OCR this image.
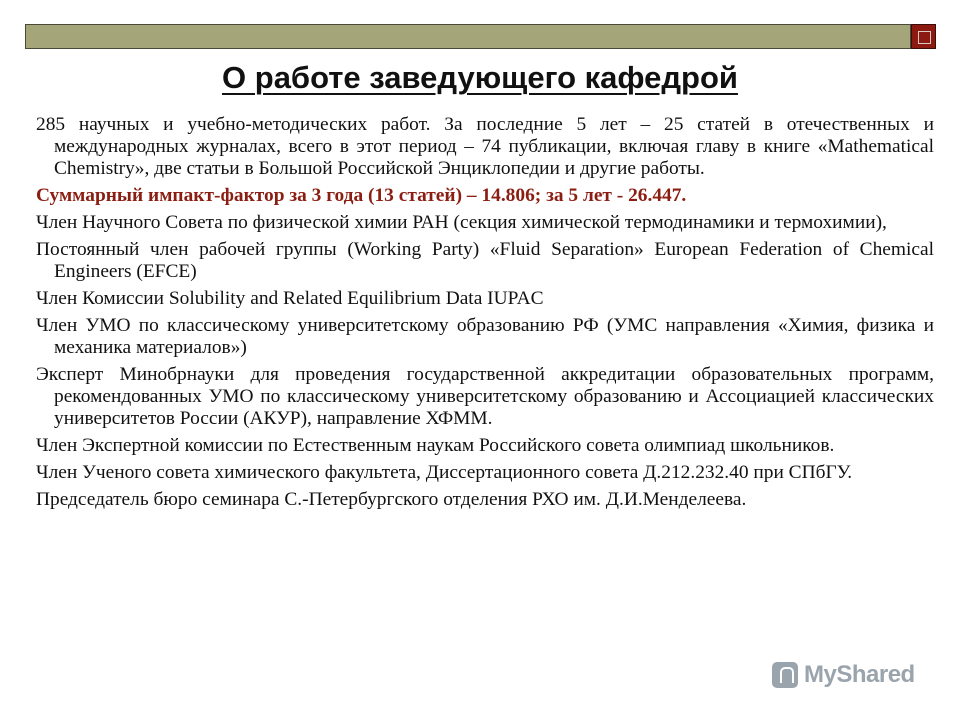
О работе заведующего кафедрой

285 научных и учебно-методических работ. За последние 5 лет – 25 статей в отечественных и международных журналах, всего в этот период – 74 публикации, включая главу в книге «Mathematical Chemistry», две статьи в Большой Российской Энциклопедии и другие работы.

Суммарный импакт-фактор за 3 года (13 статей) – 14.806; за 5 лет - 26.447.

Член Научного Совета по физической химии РАН (секция химической термодинамики и термохимии),

Постоянный член рабочей группы (Working Party) «Fluid Separation» European Federation of Chemical Engineers (EFCE)

Член Комиссии Solubility and Related Equilibrium Data IUPAC

Член УМО по классическому университетскому образованию РФ (УМС направления «Химия, физика и механика материалов»)

Эксперт Минобрнауки для проведения государственной аккредитации образовательных программ, рекомендованных УМО по классическому университетскому образованию и Ассоциацией классических университетов России (АКУР), направление ХФММ.

Член Экспертной комиссии по Естественным наукам Российского совета олимпиад школьников.

Член Ученого совета химического факультета, Диссертационного совета Д.212.232.40 при СПбГУ.

Председатель бюро семинара С.-Петербургского отделения РХО им. Д.И.Менделеева.

MyShared
